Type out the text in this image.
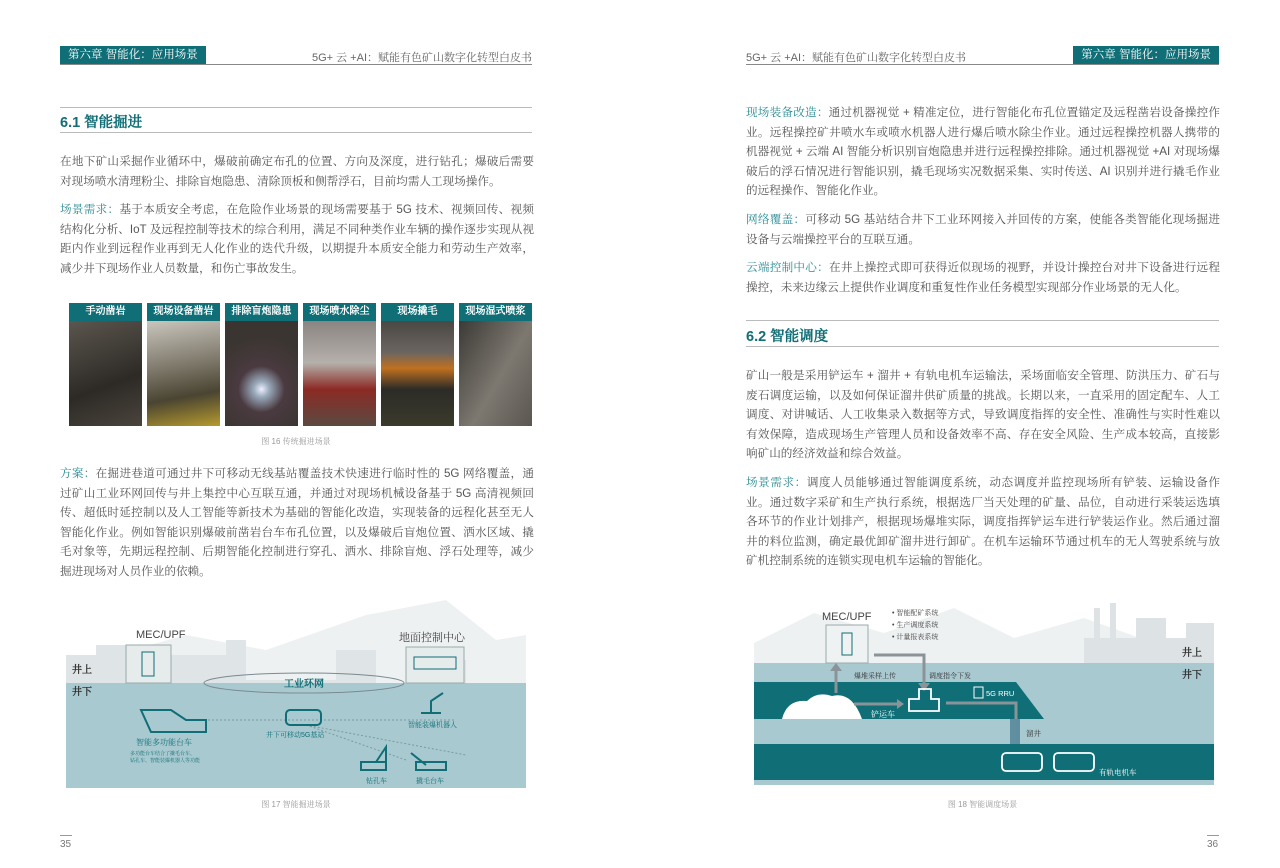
第六章 智能化：应用场景	5G+ 云 +AI：赋能有色矿山数字化转型白皮书
6.1 智能掘进

在地下矿山采掘作业循环中，爆破前确定布孔的位置、方向及深度，进行钻孔；爆破后需要对现场喷水清理粉尘、排除盲炮隐患、清除顶板和侧帮浮石，目前均需人工现场操作。

场景需求：基于本质安全考虑，在危险作业场景的现场需要基于 5G 技术、视频回传、视频结构化分析、IoT 及远程控制等技术的综合利用，满足不同种类作业车辆的操作逐步实现从视距内作业到远程作业再到无人化作业的迭代升级，以期提升本质安全能力和劳动生产效率，减少井下现场作业人员数量，和伤亡事故发生。

手动凿岩	现场设备凿岩	排除盲炮隐患	现场喷水除尘	现场撬毛	现场湿式喷浆
图 16 传统掘进场景

方案：在掘进巷道可通过井下可移动无线基站覆盖技术快速进行临时性的 5G 网络覆盖，通过矿山工业环网回传与井上集控中心互联互通，并通过对现场机械设备基于 5G 高清视频回传、超低时延控制以及人工智能等新技术为基础的智能化改造，实现装备的远程化甚至无人智能化作业。例如智能识别爆破前凿岩台车布孔位置，以及爆破后盲炮位置、洒水区域、撬毛对象等，先期远程控制、后期智能化控制进行穿孔、洒水、排除盲炮、浮石处理等，减少掘进现场对人员作业的依赖。

MEC/UPF	地面控制中心
井上
井下
工业环网
智能多功能台车
多功能台车结合了撬毛台车、
钻孔车、智能装爆机器人等功能
井下可移动5G基站
智能装爆机器人
钻孔车	撬毛台车
图 17 智能掘进场景
35
5G+ 云 +AI：赋能有色矿山数字化转型白皮书	第六章 智能化：应用场景

现场装备改造：通过机器视觉 + 精准定位，进行智能化布孔位置锚定及远程凿岩设备操控作业。远程操控矿井喷水车或喷水机器人进行爆后喷水除尘作业。通过远程操控机器人携带的机器视觉 + 云端 AI 智能分析识别盲炮隐患并进行远程操控排除。通过机器视觉 +AI 对现场爆破后的浮石情况进行智能识别，撬毛现场实况数据采集、实时传送、AI 识别并进行撬毛作业的远程操作、智能化作业。

网络覆盖：可移动 5G 基站结合井下工业环网接入并回传的方案，使能各类智能化现场掘进设备与云端操控平台的互联互通。

云端控制中心：在井上操控式即可获得近似现场的视野，并设计操控台对井下设备进行远程操控，未来边缘云上提供作业调度和重复性作业任务模型实现部分作业场景的无人化。

6.2 智能调度

矿山一般是采用铲运车 + 溜井 + 有轨电机车运输法，采场面临安全管理、防洪压力、矿石与废石调度运输，以及如何保证溜井供矿质量的挑战。长期以来，一直采用的固定配车、人工调度、对讲喊话、人工收集录入数据等方式，导致调度指挥的安全性、准确性与实时性难以有效保障，造成现场生产管理人员和设备效率不高、存在安全风险、生产成本较高，直接影响矿山的经济效益和综合效益。

场景需求：调度人员能够通过智能调度系统，动态调度并监控现场所有铲装、运输设备作业。通过数字采矿和生产执行系统，根据选厂当天处理的矿量、品位，自动进行采装运选填各环节的作业计划排产，根据现场爆堆实际，调度指挥铲运车进行铲装运作业。然后通过溜井的料位监测，确定最优卸矿溜井进行卸矿。在机车运输环节通过机车的无人驾驶系统与放矿机控制系统的连锁实现电机车运输的智能化。

MEC/UPF	• 智能配矿系统
• 生产调度系统
• 计量报表系统
井上
井下
爆堆采样上传	调度指令下发
5G RRU
铲运车
溜井
有轨电机车
图 18 智能调度场景
36
